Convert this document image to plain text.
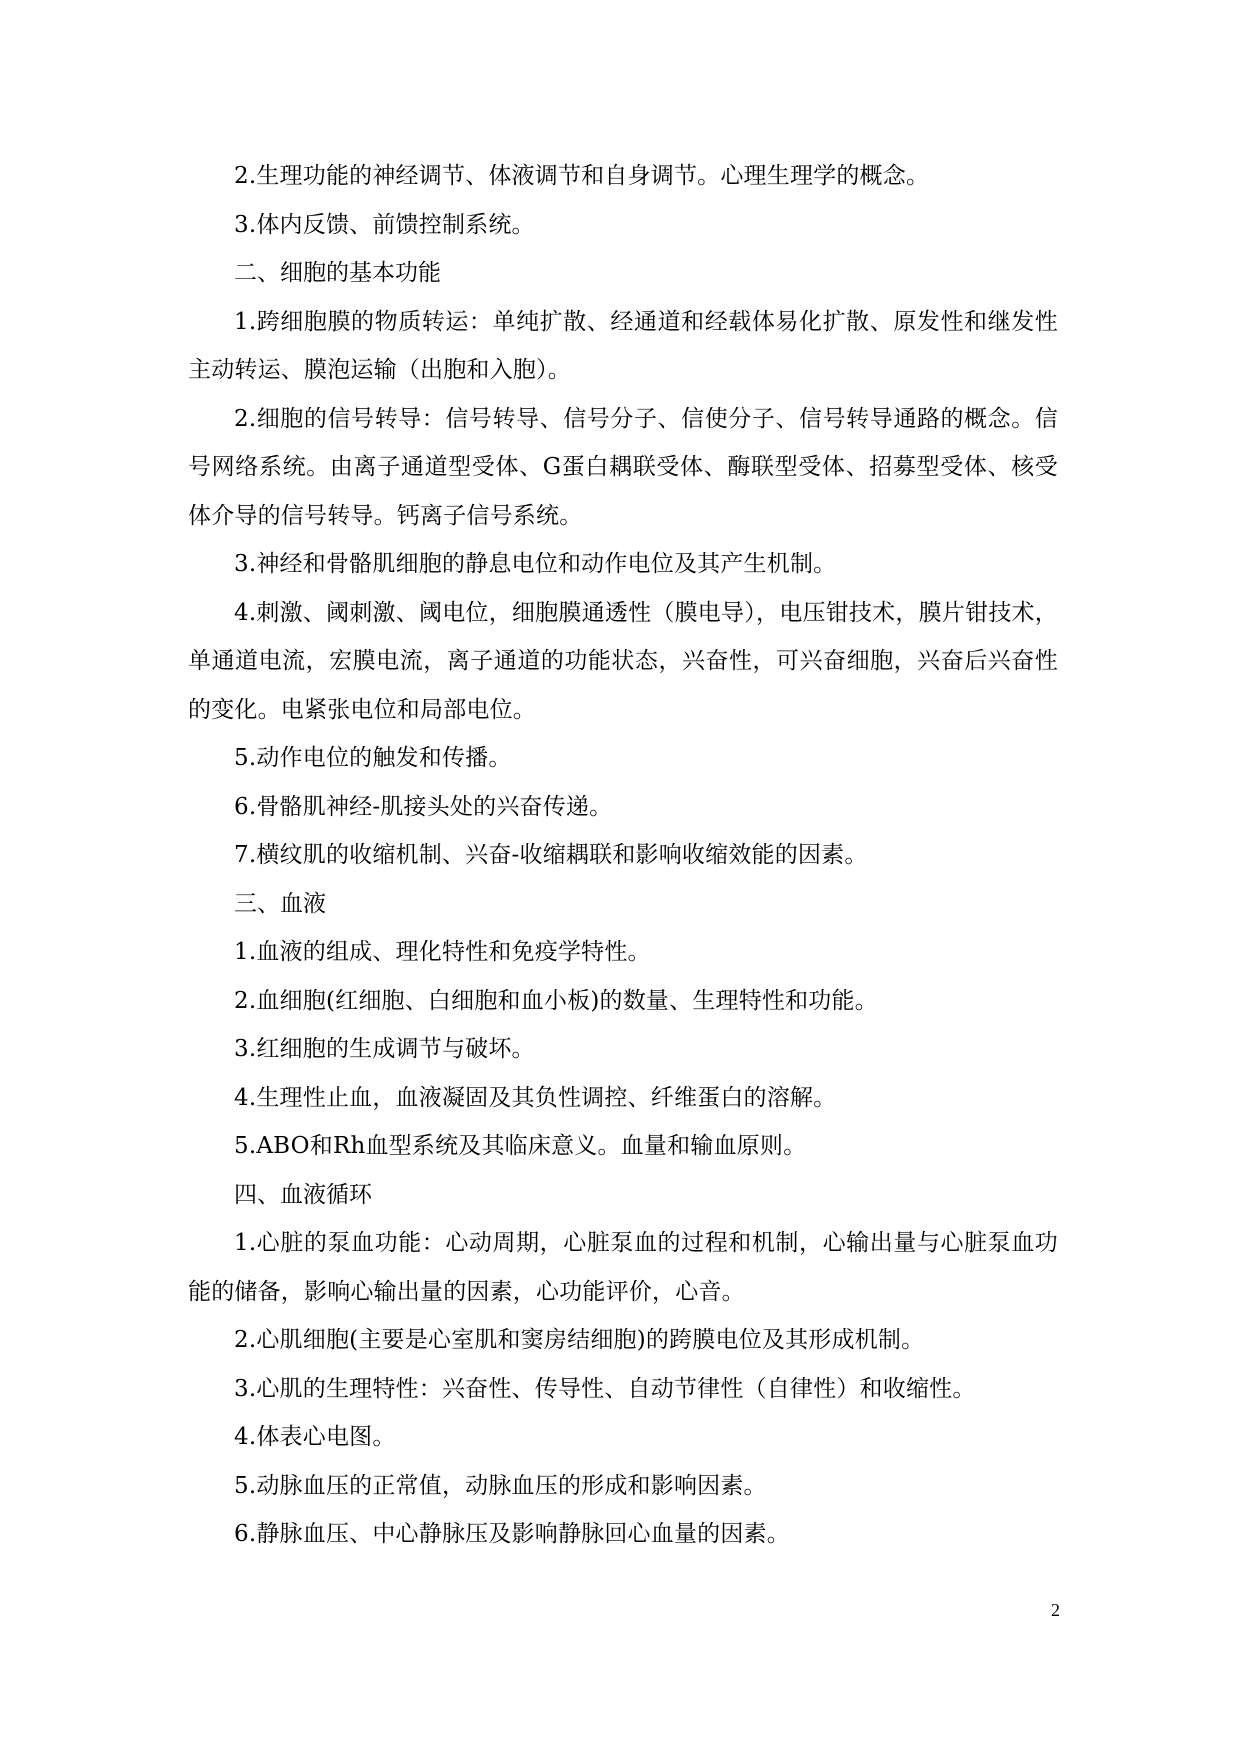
2.生理功能的神经调节、体液调节和自身调节。心理生理学的概念。

3.体内反馈、前馈控制系统。

二、细胞的基本功能

1.跨细胞膜的物质转运：单纯扩散、经通道和经载体易化扩散、原发性和继发性主动转运、膜泡运输（出胞和入胞）。

2.细胞的信号转导：信号转导、信号分子、信使分子、信号转导通路的概念。信号网络系统。由离子通道型受体、G蛋白耦联受体、酶联型受体、招募型受体、核受体介导的信号转导。钙离子信号系统。

3.神经和骨骼肌细胞的静息电位和动作电位及其产生机制。

4.刺激、阈刺激、阈电位，细胞膜通透性（膜电导），电压钳技术，膜片钳技术，单通道电流，宏膜电流，离子通道的功能状态，兴奋性，可兴奋细胞，兴奋后兴奋性的变化。电紧张电位和局部电位。

5.动作电位的触发和传播。

6.骨骼肌神经-肌接头处的兴奋传递。

7.横纹肌的收缩机制、兴奋-收缩耦联和影响收缩效能的因素。

三、血液

1.血液的组成、理化特性和免疫学特性。

2.血细胞(红细胞、白细胞和血小板)的数量、生理特性和功能。

3.红细胞的生成调节与破坏。

4.生理性止血，血液凝固及其负性调控、纤维蛋白的溶解。

5.ABO和Rh血型系统及其临床意义。血量和输血原则。

四、血液循环

1.心脏的泵血功能：心动周期，心脏泵血的过程和机制，心输出量与心脏泵血功能的储备，影响心输出量的因素，心功能评价，心音。

2.心肌细胞(主要是心室肌和窦房结细胞)的跨膜电位及其形成机制。

3.心肌的生理特性：兴奋性、传导性、自动节律性（自律性）和收缩性。

4.体表心电图。

5.动脉血压的正常值，动脉血压的形成和影响因素。

6.静脉血压、中心静脉压及影响静脉回心血量的因素。

2
